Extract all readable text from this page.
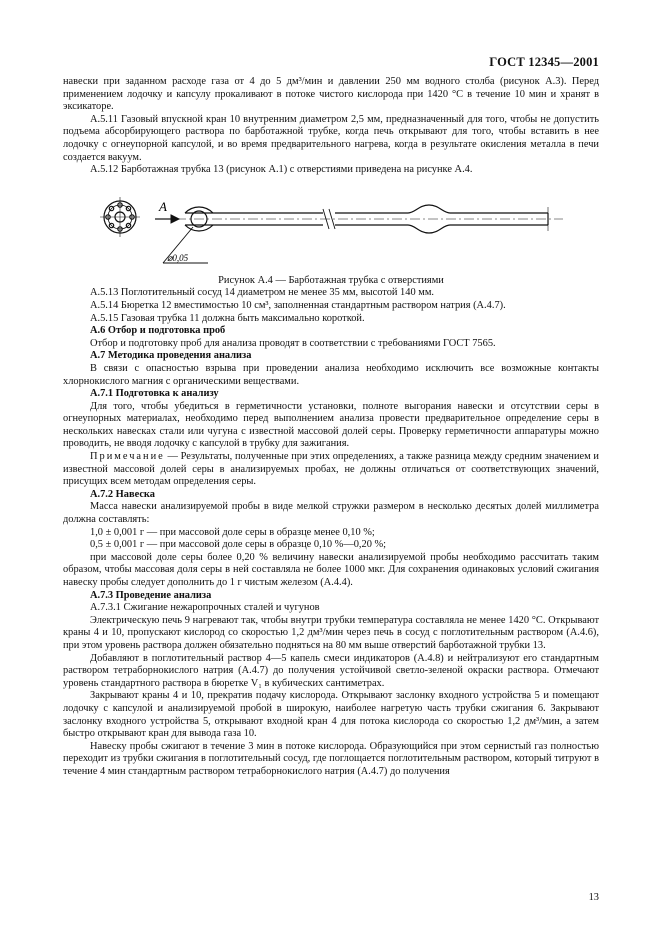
ГОСТ 12345—2001

навески при заданном расходе газа от 4 до 5 дм³/мин и давлении 250 мм водного столба (рисунок А.3). Перед применением лодочку и капсулу прокаливают в потоке чистого кислорода при 1420 °С в течение 10 мин и хранят в эксикаторе.

А.5.11 Газовый впускной кран 10 внутренним диаметром 2,5 мм, предназначенный для того, чтобы не допустить подъема абсорбирующего раствора по барботажной трубке, когда печь открывают для того, чтобы вставить в нее лодочку с огнеупорной капсулой, и во время предварительного нагрева, когда в результате окисления металла в печи создается вакуум.

А.5.12 Барботажная трубка 13 (рисунок А.1) с отверстиями приведена на рисунке А.4.

A
⌀0,05

Рисунок А.4 — Барботажная трубка с отверстиями

А.5.13 Поглотительный сосуд 14 диаметром не менее 35 мм, высотой 140 мм.

А.5.14 Бюретка 12 вместимостью 10 см³, заполненная стандартным раствором натрия (А.4.7).

А.5.15 Газовая трубка 11 должна быть максимально короткой.

А.6 Отбор и подготовка проб

Отбор и подготовку проб для анализа проводят в соответствии с требованиями ГОСТ 7565.

А.7 Методика проведения анализа

В связи с опасностью взрыва при проведении анализа необходимо исключить все возможные контакты хлорнокислого магния с органическими веществами.

А.7.1 Подготовка к анализу

Для того, чтобы убедиться в герметичности установки, полноте выгорания навески и отсутствии серы в огнеупорных материалах, необходимо перед выполнением анализа провести предварительное определение серы в нескольких навесках стали или чугуна с известной массовой долей серы. Проверку герметичности аппаратуры можно проводить, не вводя лодочку с капсулой в трубку для зажигания.

Примечание — Результаты, полученные при этих определениях, а также разница между средним значением и известной массовой долей серы в анализируемых пробах, не должны отличаться от соответствующих значений, присущих всем методам определения серы.

А.7.2 Навеска

Масса навески анализируемой пробы в виде мелкой стружки размером в несколько десятых долей миллиметра должна составлять:

1,0 ± 0,001 г — при массовой доле серы в образце менее 0,10 %;

0,5 ± 0,001 г — при массовой доле серы в образце 0,10 %—0,20 %;

при массовой доле серы более 0,20 % величину навески анализируемой пробы необходимо рассчитать таким образом, чтобы массовая доля серы в ней составляла не более 1000 мкг. Для сохранения одинаковых условий сжигания навеску пробы следует дополнить до 1 г чистым железом (А.4.4).

А.7.3 Проведение анализа

А.7.3.1 Сжигание нежаропрочных сталей и чугунов

Электрическую печь 9 нагревают так, чтобы внутри трубки температура составляла не менее 1420 °С. Открывают краны 4 и 10, пропускают кислород со скоростью 1,2 дм³/мин через печь в сосуд с поглотительным раствором (А.4.6), при этом уровень раствора должен обязательно подняться на 80 мм выше отверстий барботажной трубки 13.

Добавляют в поглотительный раствор 4—5 капель смеси индикаторов (А.4.8) и нейтрализуют его стандартным раствором тетраборнокислого натрия (А.4.7) до получения устойчивой светло-зеленой окраски раствора. Отмечают уровень стандартного раствора в бюретке V₁ в кубических сантиметрах.

Закрывают краны 4 и 10, прекратив подачу кислорода. Открывают заслонку входного устройства 5 и помещают лодочку с капсулой и анализируемой пробой в широкую, наиболее нагретую часть трубки сжигания 6. Закрывают заслонку входного устройства 5, открывают входной кран 4 для потока кислорода со скоростью 1,2 дм³/мин, а затем быстро открывают кран для вывода газа 10.

Навеску пробы сжигают в течение 3 мин в потоке кислорода. Образующийся при этом сернистый газ полностью переходит из трубки сжигания в поглотительный сосуд, где поглощается поглотительным раствором, который титруют в течение 4 мин стандартным раствором тетраборнокислого натрия (А.4.7) до получения

13
